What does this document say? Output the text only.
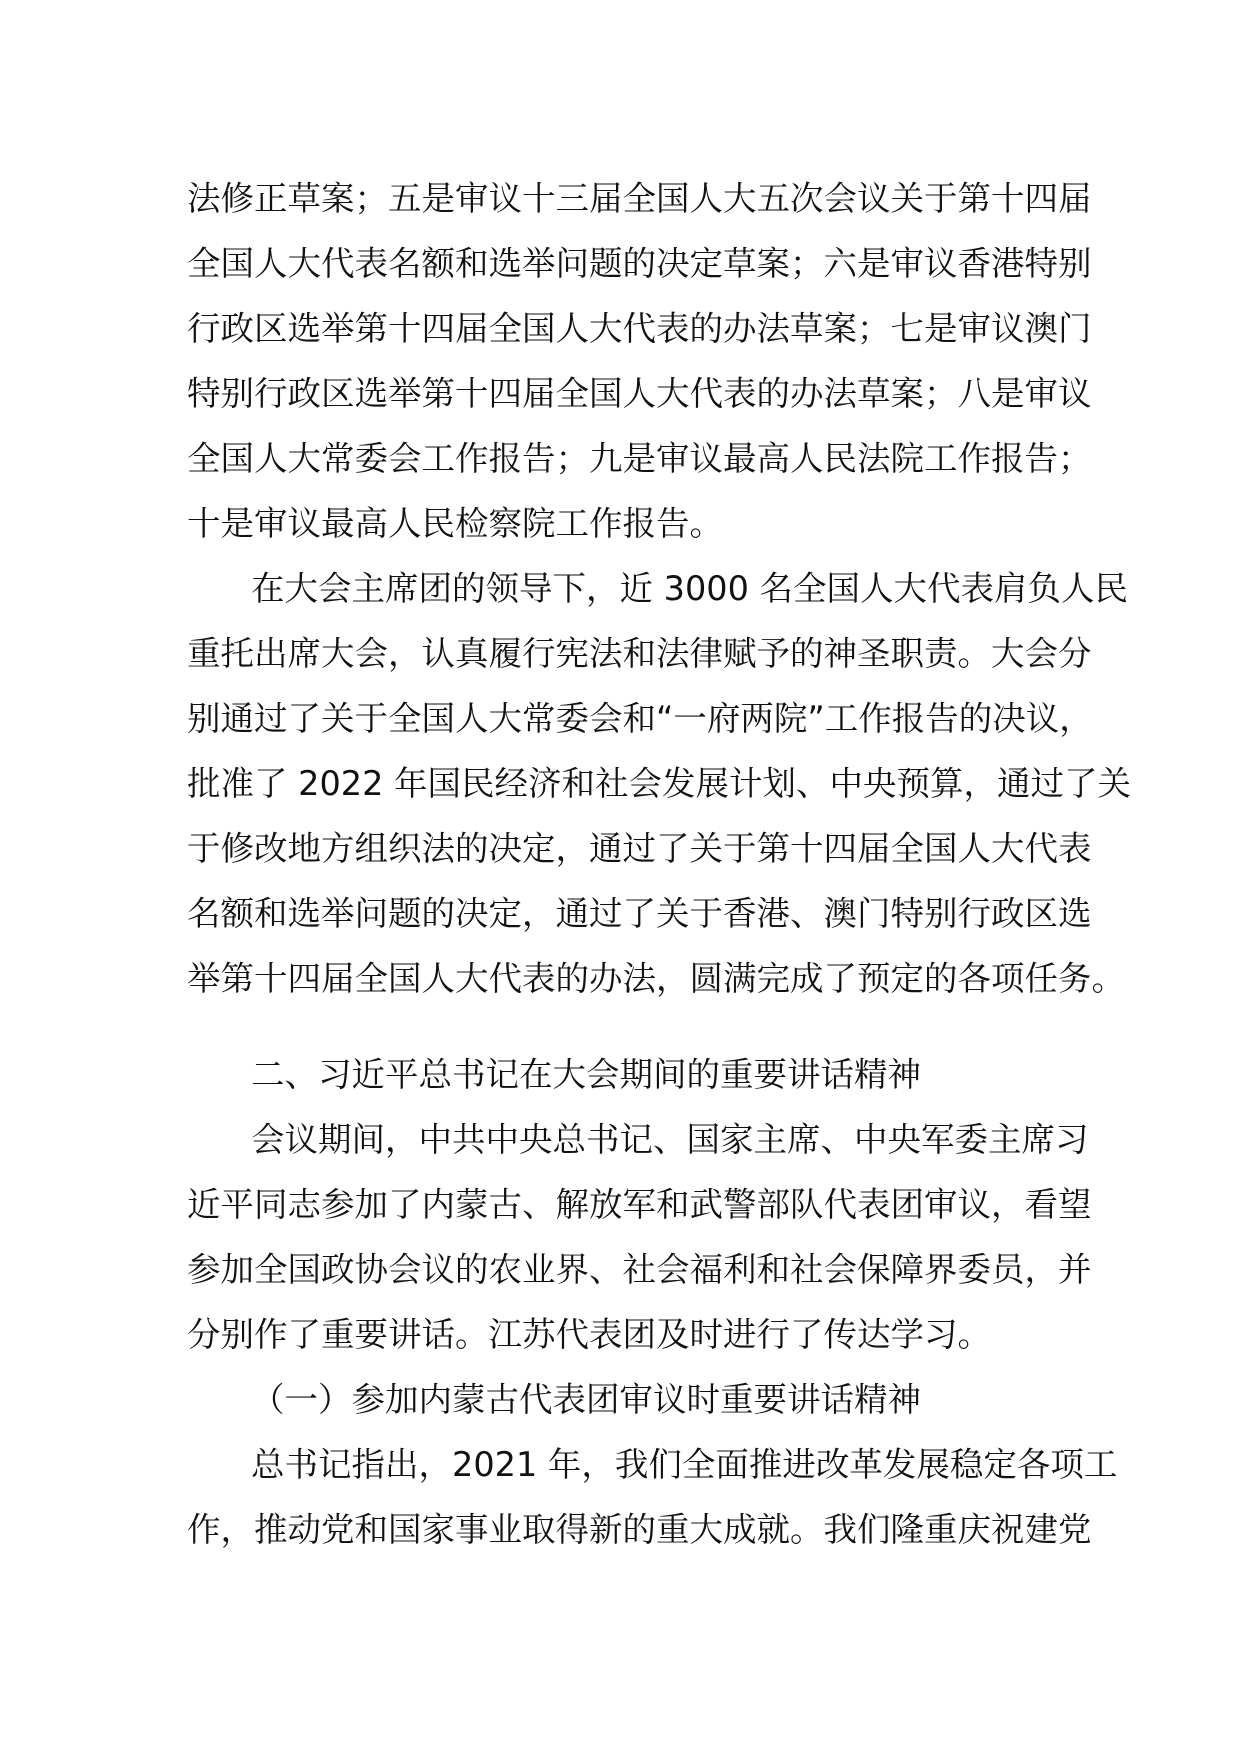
法修正草案；五是审议十三届全国人大五次会议关于第十四届
全国人大代表名额和选举问题的决定草案；六是审议香港特别
行政区选举第十四届全国人大代表的办法草案；七是审议澳门
特别行政区选举第十四届全国人大代表的办法草案；八是审议
全国人大常委会工作报告；九是审议最高人民法院工作报告；
十是审议最高人民检察院工作报告。
在大会主席团的领导下，近 3000 名全国人大代表肩负人民
重托出席大会，认真履行宪法和法律赋予的神圣职责。大会分
别通过了关于全国人大常委会和“一府两院”工作报告的决议，
批准了 2022 年国民经济和社会发展计划、中央预算，通过了关
于修改地方组织法的决定，通过了关于第十四届全国人大代表
名额和选举问题的决定，通过了关于香港、澳门特别行政区选
举第十四届全国人大代表的办法，圆满完成了预定的各项任务。
二、习近平总书记在大会期间的重要讲话精神
会议期间，中共中央总书记、国家主席、中央军委主席习
近平同志参加了内蒙古、解放军和武警部队代表团审议，看望
参加全国政协会议的农业界、社会福利和社会保障界委员，并
分别作了重要讲话。江苏代表团及时进行了传达学习。
（一）参加内蒙古代表团审议时重要讲话精神
总书记指出，2021 年，我们全面推进改革发展稳定各项工
作，推动党和国家事业取得新的重大成就。我们隆重庆祝建党
